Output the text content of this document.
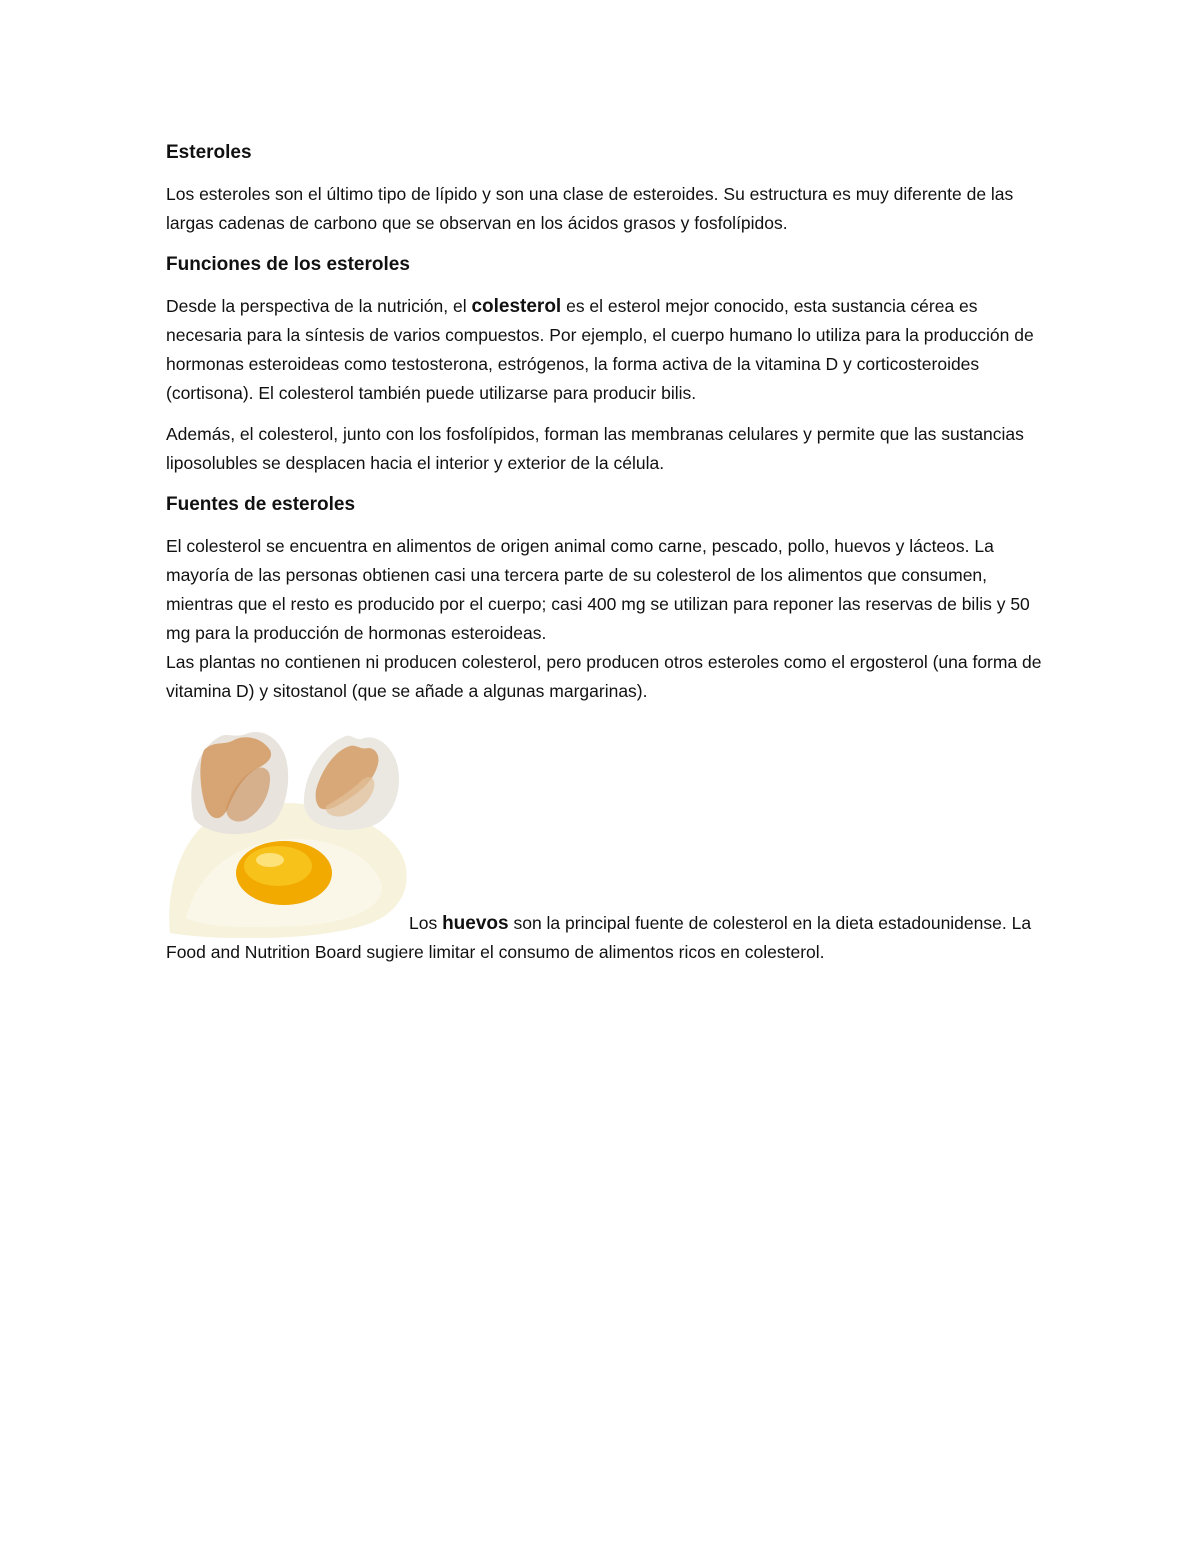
Esteroles

Los esteroles son el último tipo de lípido y son una clase de esteroides. Su estructura es muy diferente de las largas cadenas de carbono que se observan en los ácidos grasos y fosfolípidos.

Funciones de los esteroles

Desde la perspectiva de la nutrición, el colesterol es el esterol mejor conocido, esta sustancia cérea es necesaria para la síntesis de varios compuestos. Por ejemplo, el cuerpo humano lo utiliza para la producción de hormonas esteroideas como testosterona, estrógenos, la forma activa de la vitamina D y corticosteroides (cortisona). El colesterol también puede utilizarse para producir bilis.

Además, el colesterol, junto con los fosfolípidos, forman las membranas celulares y permite que las sustancias liposolubles se desplacen hacia el interior y exterior de la célula.

Fuentes de esteroles

El colesterol se encuentra en alimentos de origen animal como carne, pescado, pollo, huevos y lácteos. La mayoría de las personas obtienen casi una tercera parte de su colesterol de los alimentos que consumen, mientras que el resto es producido por el cuerpo; casi 400 mg se utilizan para reponer las reservas de bilis y 50 mg para la producción de hormonas esteroideas.

Las plantas no contienen ni producen colesterol, pero producen otros esteroles como el ergosterol (una forma de vitamina D) y sitostanol (que se añade a algunas margarinas).

Los huevos son la principal fuente de colesterol en la dieta estadounidense. La Food and Nutrition Board sugiere limitar el consumo de alimentos ricos en colesterol.
